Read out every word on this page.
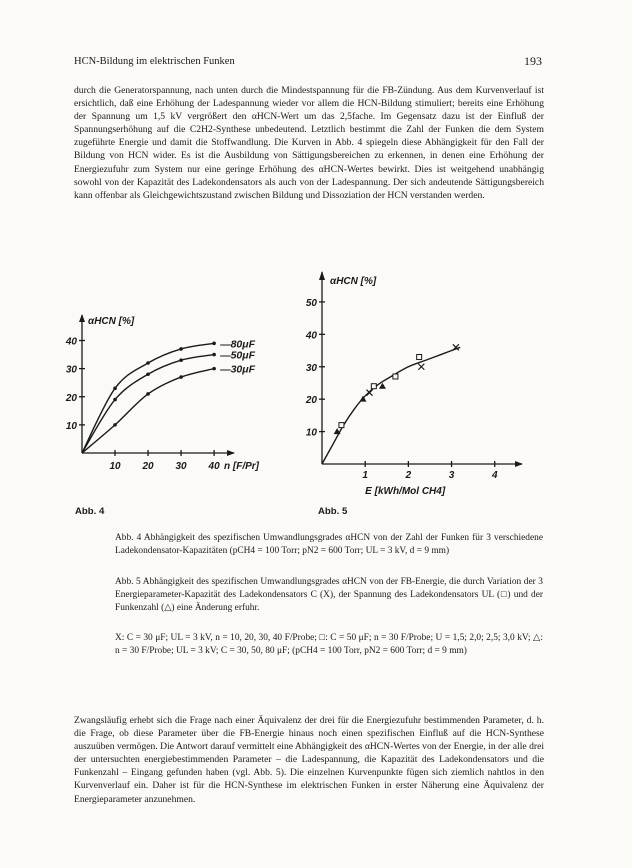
HCN-Bildung im elektrischen Funken	193
durch die Generatorspannung, nach unten durch die Mindestspannung für die FB-Zündung. Aus dem Kurvenverlauf ist ersichtlich, daß eine Erhöhung der Ladespannung wieder vor allem die HCN-Bildung stimuliert; bereits eine Erhöhung der Spannung um 1,5 kV vergrößert den αHCN-Wert um das 2,5fache. Im Gegensatz dazu ist der Einfluß der Spannungserhöhung auf die C2H2-Synthese unbedeutend. Letztlich bestimmt die Zahl der Funken die dem System zugeführte Energie und damit die Stoffwandlung. Die Kurven in Abb. 4 spiegeln diese Abhängigkeit für den Fall der Bildung von HCN wider. Es ist die Ausbildung von Sättigungsbereichen zu erkennen, in denen eine Erhöhung der Energiezufuhr zum System nur eine geringe Erhöhung des αHCN-Wertes bewirkt. Dies ist weitgehend unabhängig sowohl von der Kapazität des Ladekondensators als auch von der Ladespannung. Der sich andeutende Sättigungsbereich kann offenbar als Gleichgewichtszustand zwischen Bildung und Dissoziation der HCN verstanden werden.
10
20
30
40
10 20 30 40
αHCN [%]
n [F/Pr]
—80μF
—50μF
—30μF
10
20
30
40
50
1	2	3	4
αHCN [%]
E [kWh/Mol CH4]
Abb. 4	Abb. 5
Abb. 4 Abhängigkeit des spezifischen Umwandlungsgrades αHCN von der Zahl der Funken für 3 verschiedene Ladekondensator-Kapazitäten (pCH4 = 100 Torr; pN2 = 600 Torr; UL = 3 kV, d = 9 mm)
Abb. 5 Abhängigkeit des spezifischen Umwandlungsgrades αHCN von der FB-Energie, die durch Variation der 3 Energieparameter-Kapazität des Ladekondensators C (X), der Spannung des Ladekondensators UL (□) und der Funkenzahl (△) eine Änderung erfuhr.
X: C = 30 μF; UL = 3 kV, n = 10, 20, 30, 40 F/Probe; □: C = 50 μF; n = 30 F/Probe; U = 1,5; 2,0; 2,5; 3,0 kV; △: n = 30 F/Probe; UL = 3 kV; C = 30, 50, 80 μF; (pCH4 = 100 Torr, pN2 = 600 Torr; d = 9 mm)
Zwangsläufig erhebt sich die Frage nach einer Äquivalenz der drei für die Energiezufuhr bestimmenden Parameter, d. h. die Frage, ob diese Parameter über die FB-Energie hinaus noch einen spezifischen Einfluß auf die HCN-Synthese auszuüben vermögen. Die Antwort darauf vermittelt eine Abhängigkeit des αHCN-Wertes von der Energie, in der alle drei der untersuchten energiebestimmenden Parameter – die Ladespannung, die Kapazität des Ladekondensators und die Funkenzahl – Eingang gefunden haben (vgl. Abb. 5). Die einzelnen Kurvenpunkte fügen sich ziemlich nahtlos in den Kurvenverlauf ein. Daher ist für die HCN-Synthese im elektrischen Funken in erster Näherung eine Äquivalenz der Energieparameter anzunehmen.
